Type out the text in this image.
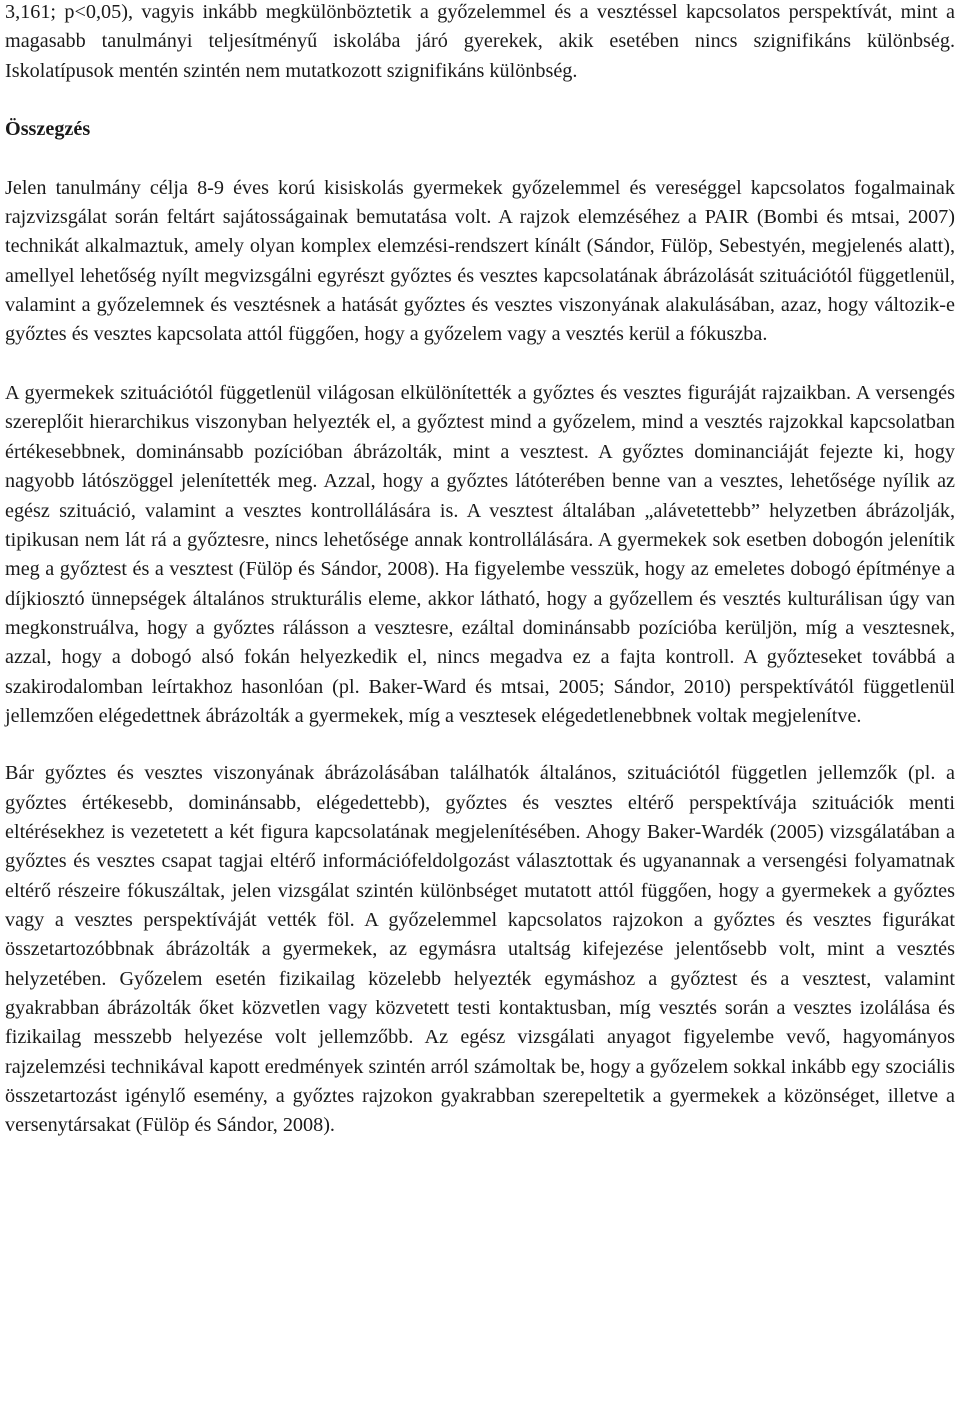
3,161; p<0,05), vagyis inkább megkülönböztetik a győzelemmel és a vesztéssel kapcsolatos perspektívát, mint a magasabb tanulmányi teljesítményű iskolába járó gyerekek, akik esetében nincs szignifikáns különbség. Iskolatípusok mentén szintén nem mutatkozott szignifikáns különbség.

Összegzés

Jelen tanulmány célja 8-9 éves korú kisiskolás gyermekek győzelemmel és vereséggel kapcsolatos fogalmainak rajzvizsgálat során feltárt sajátosságainak bemutatása volt. A rajzok elemzéséhez a PAIR (Bombi és mtsai, 2007) technikát alkalmaztuk, amely olyan komplex elemzési-rendszert kínált (Sándor, Fülöp, Sebestyén, megjelenés alatt), amellyel lehetőség nyílt megvizsgálni egyrészt győztes és vesztes kapcsolatának ábrázolását szituációtól függetlenül, valamint a győzelemnek és vesztésnek a hatását győztes és vesztes viszonyának alakulásában, azaz, hogy változik-e győztes és vesztes kapcsolata attól függően, hogy a győzelem vagy a vesztés kerül a fókuszba.

A gyermekek szituációtól függetlenül világosan elkülönítették a győztes és vesztes figuráját rajzaikban. A versengés szereplőit hierarchikus viszonyban helyezték el, a győztest mind a győzelem, mind a vesztés rajzokkal kapcsolatban értékesebbnek, dominánsabb pozícióban ábrázolták, mint a vesztest. A győztes dominanciáját fejezte ki, hogy nagyobb látószöggel jelenítették meg. Azzal, hogy a győztes látóterében benne van a vesztes, lehetősége nyílik az egész szituáció, valamint a vesztes kontrollálására is. A vesztest általában „alávetettebb” helyzetben ábrázolják, tipikusan nem lát rá a győztesre, nincs lehetősége annak kontrollálására. A gyermekek sok esetben dobogón jelenítik meg a győztest és a vesztest (Fülöp és Sándor, 2008). Ha figyelembe vesszük, hogy az emeletes dobogó építménye a díjkiosztó ünnepségek általános strukturális eleme, akkor látható, hogy a győzellem és vesztés kulturálisan úgy van megkonstruálva, hogy a győztes rálásson a vesztesre, ezáltal dominánsabb pozícióba kerüljön, míg a vesztesnek, azzal, hogy a dobogó alsó fokán helyezkedik el, nincs megadva ez a fajta kontroll. A győzteseket továbbá a szakirodalomban leírtakhoz hasonlóan (pl. Baker-Ward és mtsai, 2005; Sándor, 2010) perspektívától függetlenül jellemzően elégedettnek ábrázolták a gyermekek, míg a vesztesek elégedetlenebbnek voltak megjelenítve.

Bár győztes és vesztes viszonyának ábrázolásában találhatók általános, szituációtól független jellemzők (pl. a győztes értékesebb, dominánsabb, elégedettebb), győztes és vesztes eltérő perspektívája szituációk menti eltérésekhez is vezetetett a két figura kapcsolatának megjelenítésében. Ahogy Baker-Wardék (2005) vizsgálatában a győztes és vesztes csapat tagjai eltérő információfeldolgozást választottak és ugyanannak a versengési folyamatnak eltérő részeire fókuszáltak, jelen vizsgálat szintén különbséget mutatott attól függően, hogy a gyermekek a győztes vagy a vesztes perspektíváját vették föl. A győzelemmel kapcsolatos rajzokon a győztes és vesztes figurákat összetartozóbbnak ábrázolták a gyermekek, az egymásra utaltság kifejezése jelentősebb volt, mint a vesztés helyzetében. Győzelem esetén fizikailag közelebb helyezték egymáshoz a győztest és a vesztest, valamint gyakrabban ábrázolták őket közvetlen vagy közvetett testi kontaktusban, míg vesztés során a vesztes izolálása és fizikailag messzebb helyezése volt jellemzőbb. Az egész vizsgálati anyagot figyelembe vevő, hagyományos rajzelemzési technikával kapott eredmények szintén arról számoltak be, hogy a győzelem sokkal inkább egy szociális összetartozást igénylő esemény, a győztes rajzokon gyakrabban szerepeltetik a gyermekek a közönséget, illetve a versenytársakat (Fülöp és Sándor, 2008).
